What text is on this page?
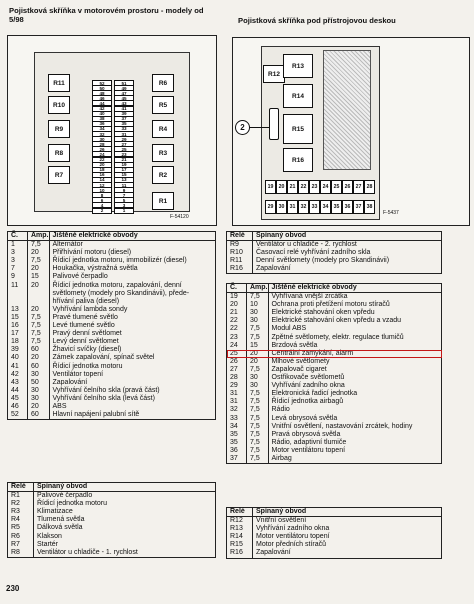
Pojistková skříňka v motorovém prostoru - modely od 5/98	Pojistková skříňka pod přístrojovou deskou
R11
R10
R9
R8
R7
R6
R5
R4
R3
R2
R1
52	51
50	49
48	47
46	45
44	43
42	41
40	39
38	37
36	35
34	33
32	31
30	29
28	27
26	25
24	23
22	21
20	19
18	17
16	15
14	13
12	11
10	9
8	7
6	5
4	3
2	1
F-54120
R12
R13
R14
R15
R16
19	20	21	22	23	24	25	26	27	28
29	30	31	32	33	34	35	36	37	38
2
F-5437
Č.	Amp.	Jištěné elektrické obvody
1	7,5	Alternátor
3	20	Přiřhívání motoru (diesel)
3	7,5	Řídicí jednotka motoru, immobilizér (diesel)
7	20	Houkačka, výstražná světla
9	15	Palivové čerpadlo
11	20	Řídicí jednotka motoru, zapalování, denní
		světlomety (modely pro Skandinávii), přede-
		hřívání paliva (diesel)
13	20	Vyhřívání lambda sondy
15	7,5	Pravé tlumené světlo
16	7,5	Levé tlumené světlo
17	7,5	Pravý denní světlomet
18	7,5	Levý denní světlomet
39	60	Žhavicí svíčky (diesel)
40	20	Zámek zapalování, spínač světel
41	60	Řídicí jednotka motoru
42	30	Ventilátor topení
43	50	Zapalování
44	30	Vyhřívání čelního skla (pravá část)
45	30	Vyhřívání čelního skla (levá část)
46	20	ABS
52	60	Hlavní napájení palubní sítě
Relé	Spínaný obvod
R1	Palivové čerpadlo
R2	Řídicí jednotka motoru
R3	Klimatizace
R4	Tlumená světla
R5	Dálková světla
R6	Klakson
R7	Startér
R8	Ventilátor u chladiče - 1. rychlost
Relé	Spínaný obvod
R9	Ventilátor u chladiče - 2. rychlost
R10	Časovací relé vyhřívání zadního skla
R11	Denní světlomety (modely pro Skandinávii)
R16	Zapalování
Č.	Amp.	Jištěné elektrické obvody
19	7,5	Vyhřívaná vnější zrcátka
20	10	Ochrana proti přetížení motoru stíračů
21	30	Elektrické stahování oken vpředu
22	30	Elektrické stahování oken vpředu a vzadu
22	7,5	Modul ABS
23	7,5	Zpětné světlomety, elektr. regulace tlumičů
24	15	Brzdová světla
25	20	Centrální zamykání, alarm
26	20	Mlhové světlomety
27	7,5	Zapalovač cigaret
28	30	Ostřikovače světlometů
29	30	Vyhřívání zadního okna
31	7,5	Elektronická řadicí jednotka
31	7,5	Řídicí jednotka airbagů
32	7,5	Rádio
33	7,5	Levá obrysová světla
34	7,5	Vnitřní osvětlení, nastavování zrcátek, hodiny
35	7,5	Pravá obrysová světla
35	7,5	Rádio, adaptivní tlumiče
36	7,5	Motor ventilátoru topení
37	7,5	Airbag
Relé	Spínaný obvod
R12	Vnitřní osvětlení
R13	Vyhřívání zadního okna
R14	Motor ventilátoru topení
R15	Motor předních stíračů
R16	Zapalování
230
